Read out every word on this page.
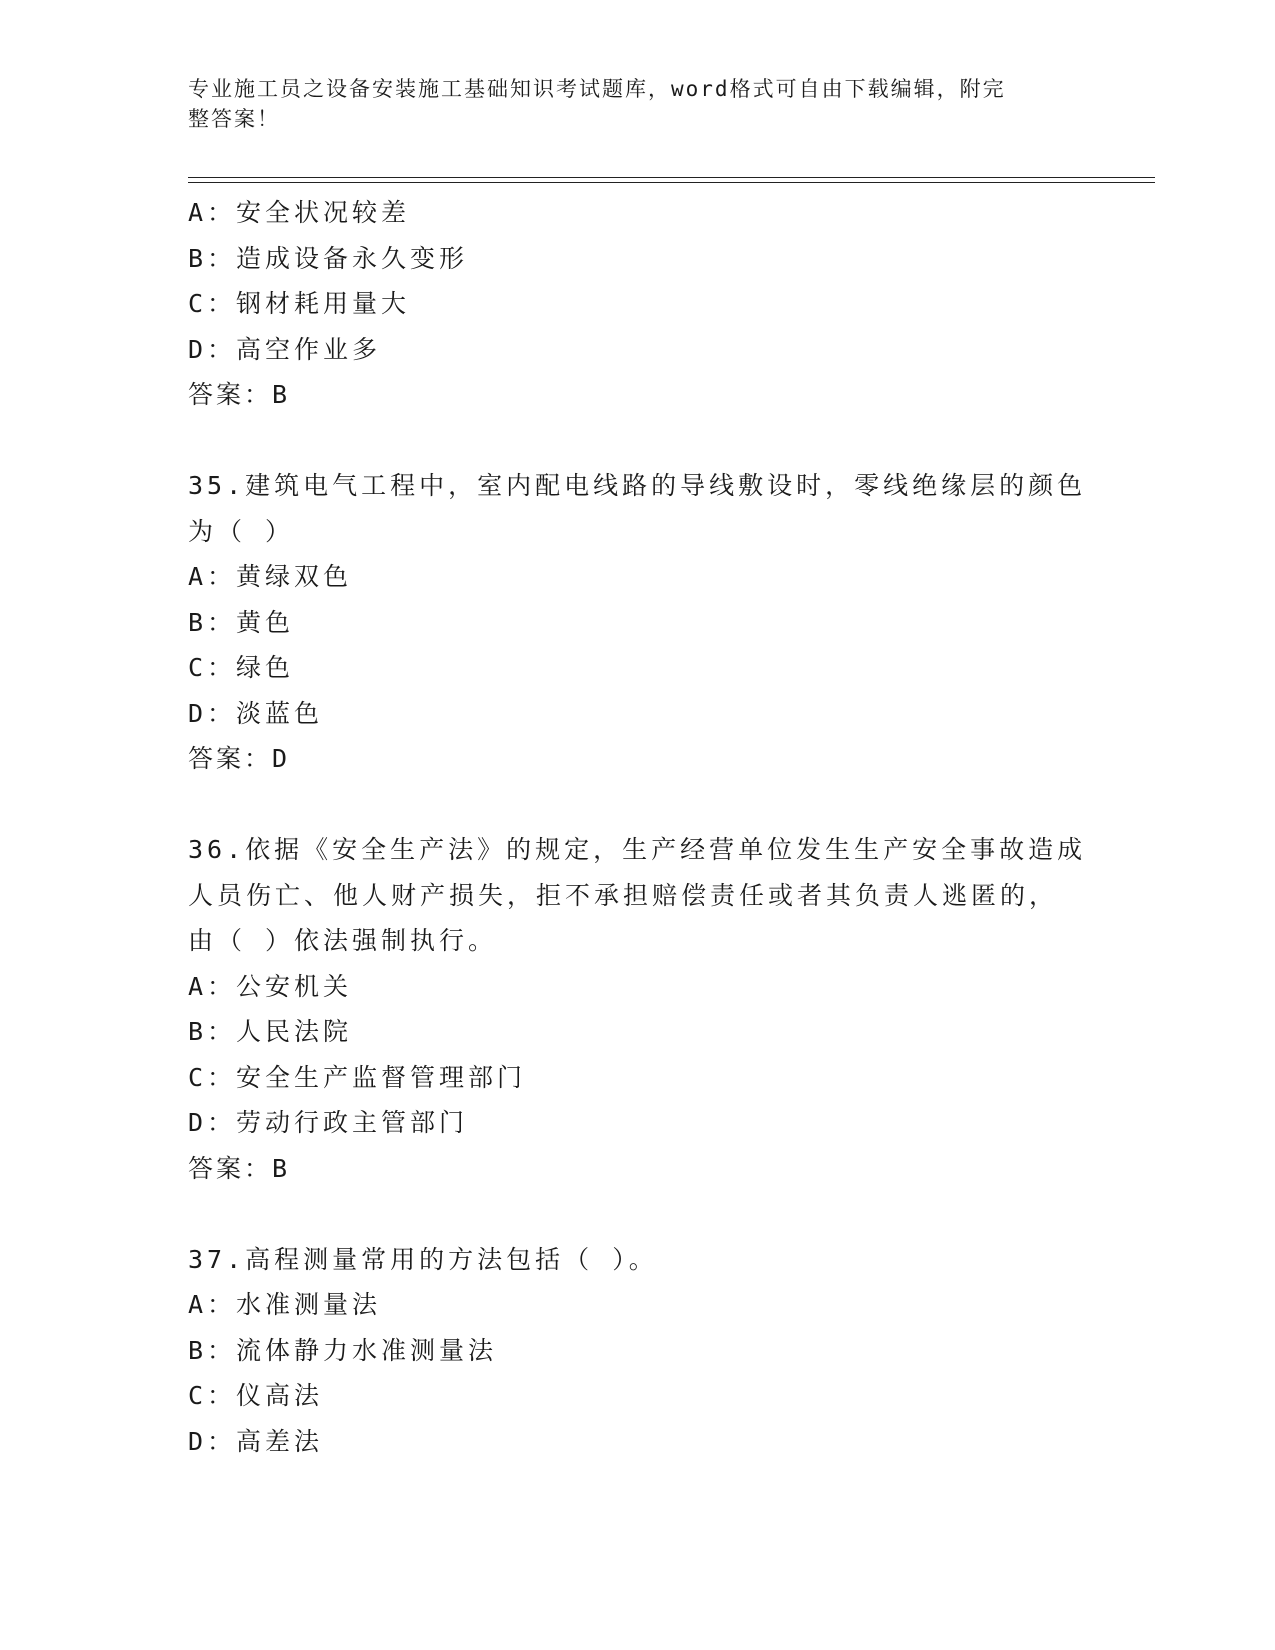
专业施工员之设备安装施工基础知识考试题库，word格式可自由下载编辑，附完
整答案！
A：安全状况较差
B：造成设备永久变形
C：钢材耗用量大
D：高空作业多
答案：B
35.建筑电气工程中，室内配电线路的导线敷设时，零线绝缘层的颜色
为（ ）
A：黄绿双色
B：黄色
C：绿色
D：淡蓝色
答案：D
36.依据《安全生产法》的规定，生产经营单位发生生产安全事故造成
人员伤亡、他人财产损失，拒不承担赔偿责任或者其负责人逃匿的，
由（ ）依法强制执行。
A：公安机关
B：人民法院
C：安全生产监督管理部门
D：劳动行政主管部门
答案：B
37.高程测量常用的方法包括（ ）。
A：水准测量法
B：流体静力水准测量法
C：仪高法
D：高差法
